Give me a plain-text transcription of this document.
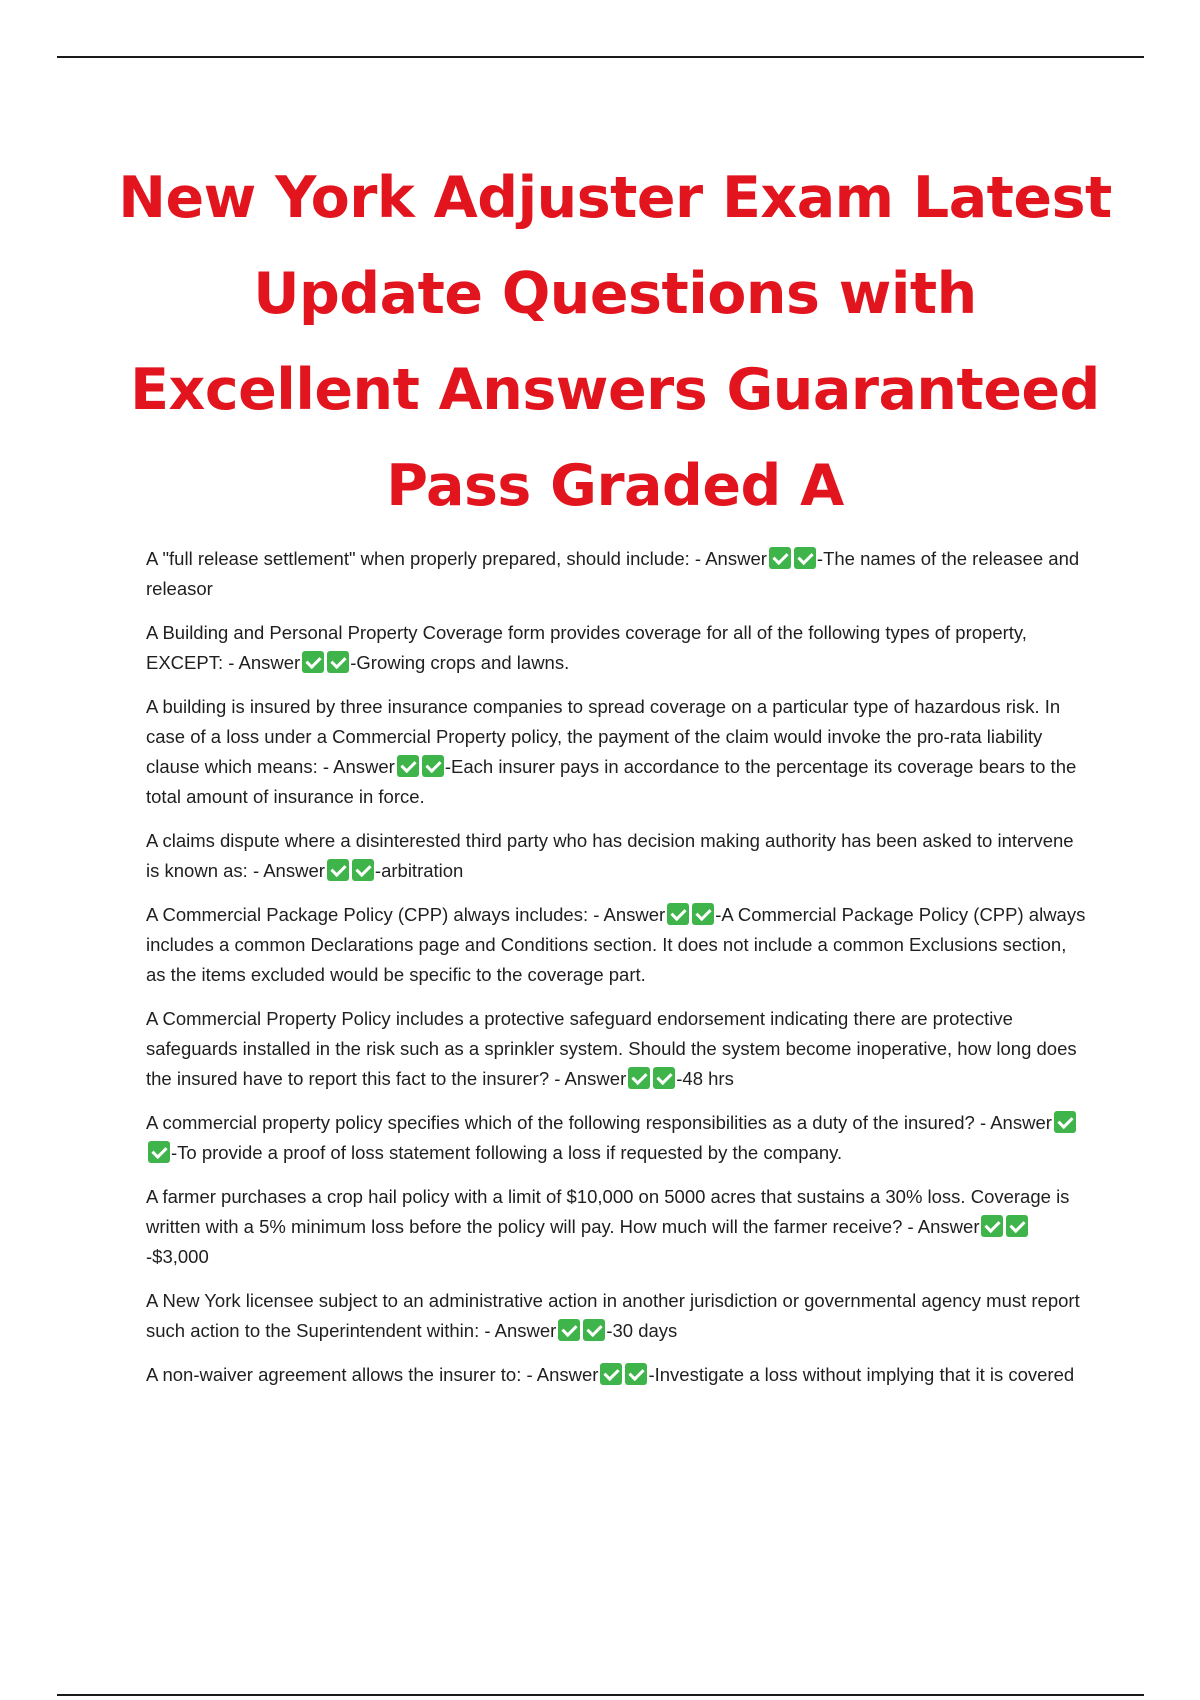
New York Adjuster Exam Latest
Update Questions with
Excellent Answers Guaranteed
Pass Graded A

A "full release settlement" when properly prepared, should include: - Answer	-The names of the releasee and releasor

A Building and Personal Property Coverage form provides coverage for all of the following types of property, EXCEPT: - Answer	-Growing crops and lawns.

A building is insured by three insurance companies to spread coverage on a particular type of hazardous risk. In case of a loss under a Commercial Property policy, the payment of the claim would invoke the pro-rata liability clause which means: - Answer	-Each insurer pays in accordance to the percentage its coverage bears to the total amount of insurance in force.

A claims dispute where a disinterested third party who has decision making authority has been asked to intervene is known as: - Answer	-arbitration

A Commercial Package Policy (CPP) always includes: - Answer	-A Commercial Package Policy (CPP) always includes a common Declarations page and Conditions section. It does not include a common Exclusions section, as the items excluded would be specific to the coverage part.

A Commercial Property Policy includes a protective safeguard endorsement indicating there are protective safeguards installed in the risk such as a sprinkler system. Should the system become inoperative, how long does the insured have to report this fact to the insurer? - Answer	-48 hrs

A commercial property policy specifies which of the following responsibilities as a duty of the insured? - Answer-To provide a proof of loss statement following a loss if requested by the company.

A farmer purchases a crop hail policy with a limit of $10,000 on 5000 acres that sustains a 30% loss. Coverage is written with a 5% minimum loss before the policy will pay. How much will the farmer receive? - Answer-$3,000

A New York licensee subject to an administrative action in another jurisdiction or governmental agency must report such action to the Superintendent within: - Answer	-30 days

A non-waiver agreement allows the insurer to: - Answer	-Investigate a loss without implying that it is covered
